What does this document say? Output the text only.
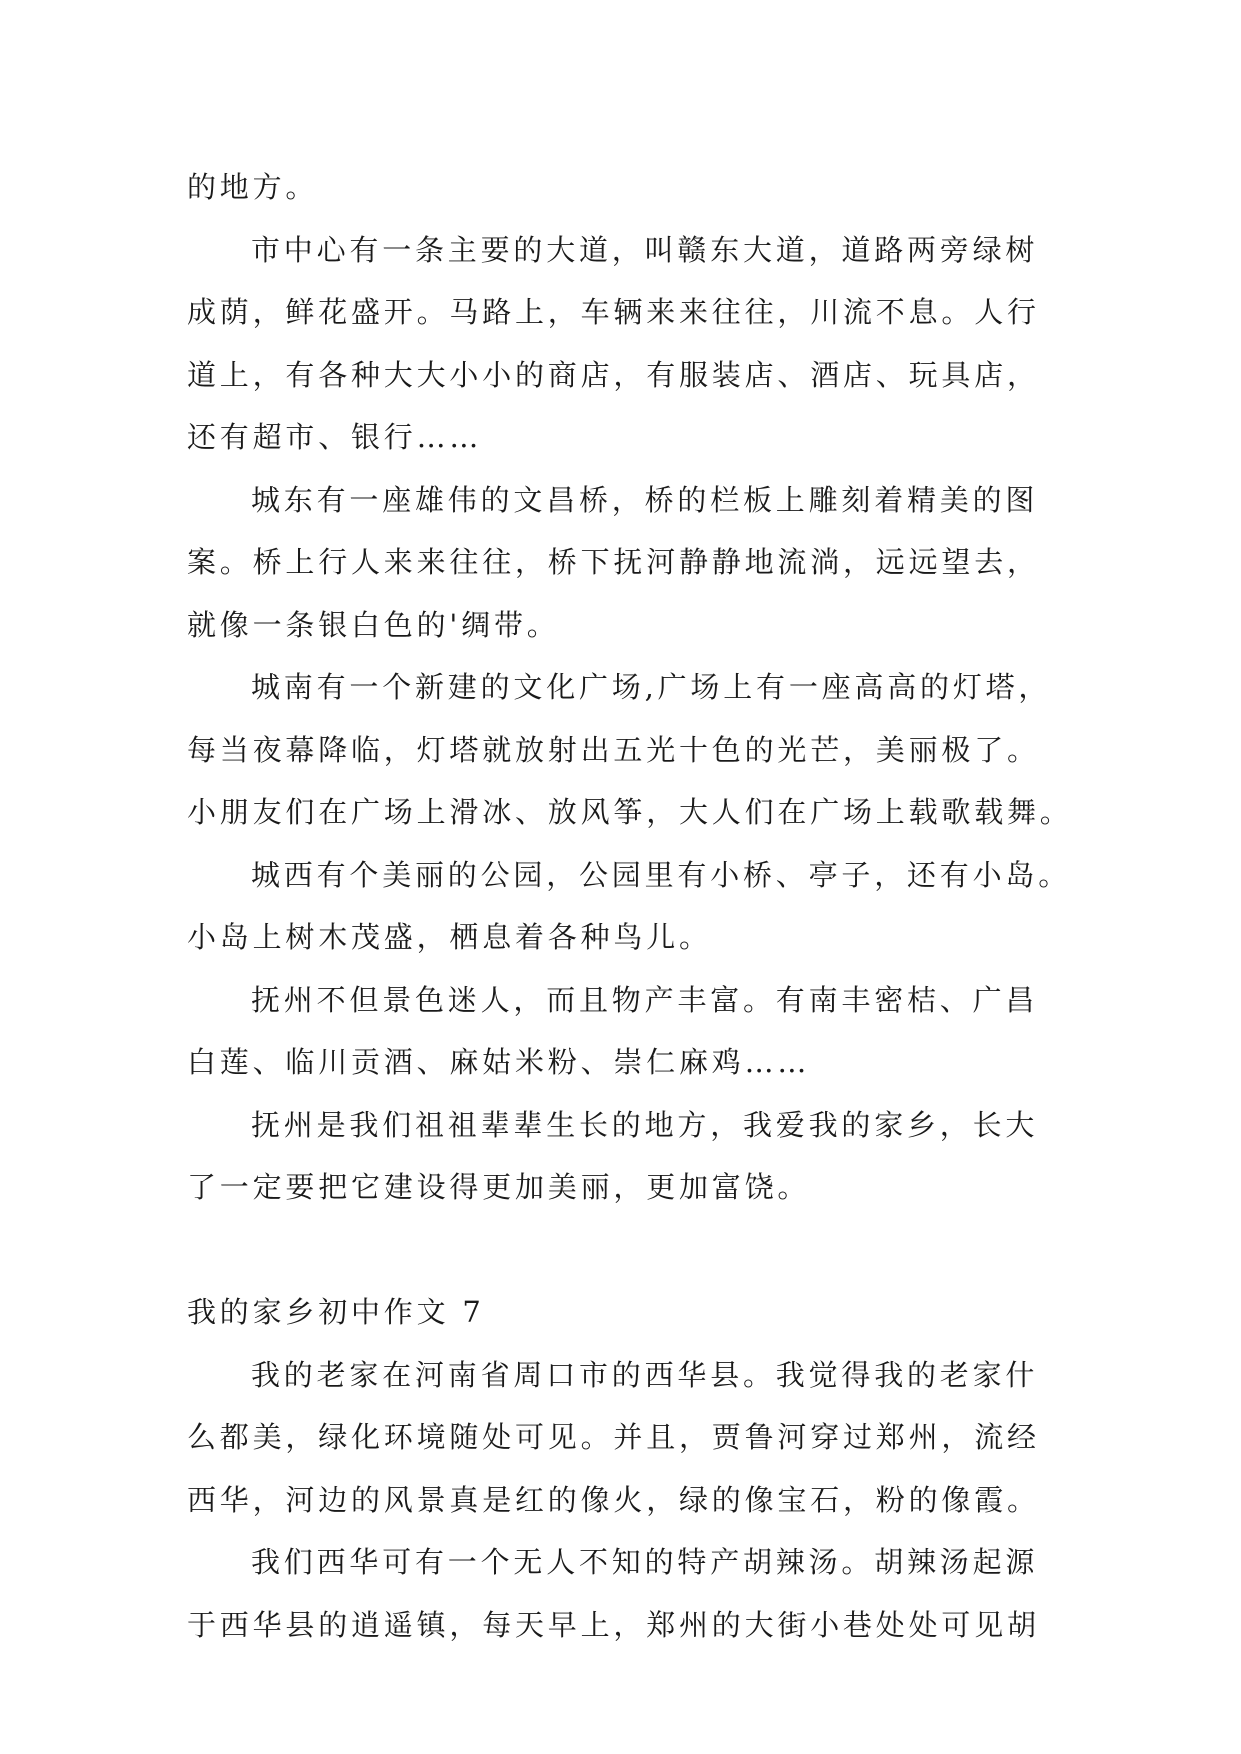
的地方。
市中心有一条主要的大道，叫赣东大道，道路两旁绿树
成荫，鲜花盛开。马路上，车辆来来往往，川流不息。人行
道上，有各种大大小小的商店，有服装店、酒店、玩具店，
还有超市、银行……
城东有一座雄伟的文昌桥，桥的栏板上雕刻着精美的图
案。桥上行人来来往往，桥下抚河静静地流淌，远远望去，
就像一条银白色的'绸带。
城南有一个新建的文化广场,广场上有一座高高的灯塔，
每当夜幕降临，灯塔就放射出五光十色的光芒，美丽极了。
小朋友们在广场上滑冰、放风筝，大人们在广场上载歌载舞。
城西有个美丽的公园，公园里有小桥、亭子，还有小岛。
小岛上树木茂盛，栖息着各种鸟儿。
抚州不但景色迷人，而且物产丰富。有南丰密桔、广昌
白莲、临川贡酒、麻姑米粉、崇仁麻鸡……
抚州是我们祖祖辈辈生长的地方，我爱我的家乡，长大
了一定要把它建设得更加美丽，更加富饶。
我的家乡初中作文 7
我的老家在河南省周口市的西华县。我觉得我的老家什
么都美，绿化环境随处可见。并且，贾鲁河穿过郑州，流经
西华，河边的风景真是红的像火，绿的像宝石，粉的像霞。
我们西华可有一个无人不知的特产胡辣汤。胡辣汤起源
于西华县的逍遥镇，每天早上，郑州的大街小巷处处可见胡
